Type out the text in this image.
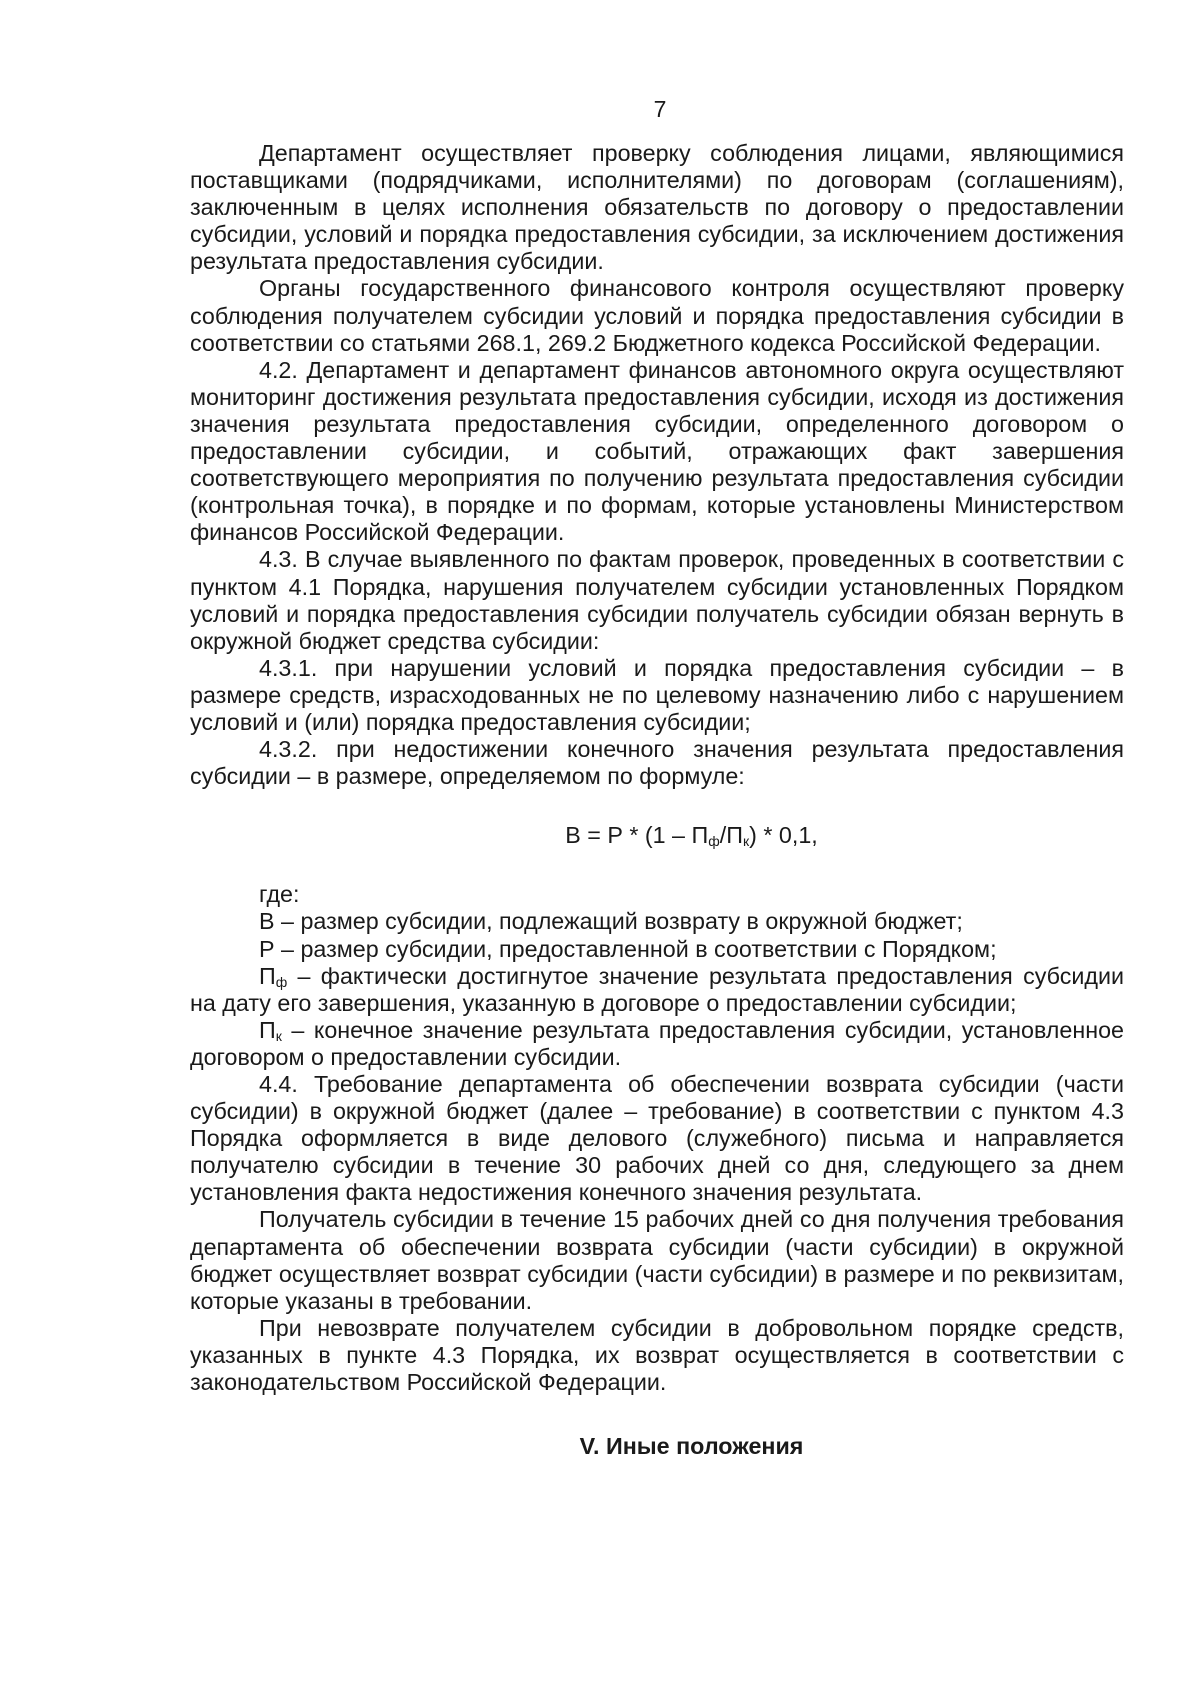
7

Департамент осуществляет проверку соблюдения лицами, являющимися поставщиками (подрядчиками, исполнителями) по договорам (соглашениям), заключенным в целях исполнения обязательств по договору о предоставлении субсидии, условий и порядка предоставления субсидии, за исключением достижения результата предоставления субсидии.

Органы государственного финансового контроля осуществляют проверку соблюдения получателем субсидии условий и порядка предоставления субсидии в соответствии со статьями 268.1, 269.2 Бюджетного кодекса Российской Федерации.

4.2. Департамент и департамент финансов автономного округа осуществляют мониторинг достижения результата предоставления субсидии, исходя из достижения значения результата предоставления субсидии, определенного договором о предоставлении субсидии, и событий, отражающих факт завершения соответствующего мероприятия по получению результата предоставления субсидии (контрольная точка), в порядке и по формам, которые установлены Министерством финансов Российской Федерации.

4.3. В случае выявленного по фактам проверок, проведенных в соответствии с пунктом 4.1 Порядка, нарушения получателем субсидии установленных Порядком условий и порядка предоставления субсидии получатель субсидии обязан вернуть в окружной бюджет средства субсидии:

4.3.1. при нарушении условий и порядка предоставления субсидии – в размере средств, израсходованных не по целевому назначению либо с нарушением условий и (или) порядка предоставления субсидии;

4.3.2. при недостижении конечного значения результата предоставления субсидии – в размере, определяемом по формуле:

$В = Р * (1 - П_ф/П_к) * 0,1$,

где:

В – размер субсидии, подлежащий возврату в окружной бюджет;

Р – размер субсидии, предоставленной в соответствии с Порядком;

$П_ф$ – фактически достигнутое значение результата предоставления субсидии на дату его завершения, указанную в договоре о предоставлении субсидии;

$П_к$ – конечное значение результата предоставления субсидии, установленное договором о предоставлении субсидии.

4.4. Требование департамента об обеспечении возврата субсидии (части субсидии) в окружной бюджет (далее – требование) в соответствии с пунктом 4.3 Порядка оформляется в виде делового (служебного) письма и направляется получателю субсидии в течение 30 рабочих дней со дня, следующего за днем установления факта недостижения конечного значения результата.

Получатель субсидии в течение 15 рабочих дней со дня получения требования департамента об обеспечении возврата субсидии (части субсидии) в окружной бюджет осуществляет возврат субсидии (части субсидии) в размере и по реквизитам, которые указаны в требовании.

При невозврате получателем субсидии в добровольном порядке средств, указанных в пункте 4.3 Порядка, их возврат осуществляется в соответствии с законодательством Российской Федерации.

V. Иные положения
